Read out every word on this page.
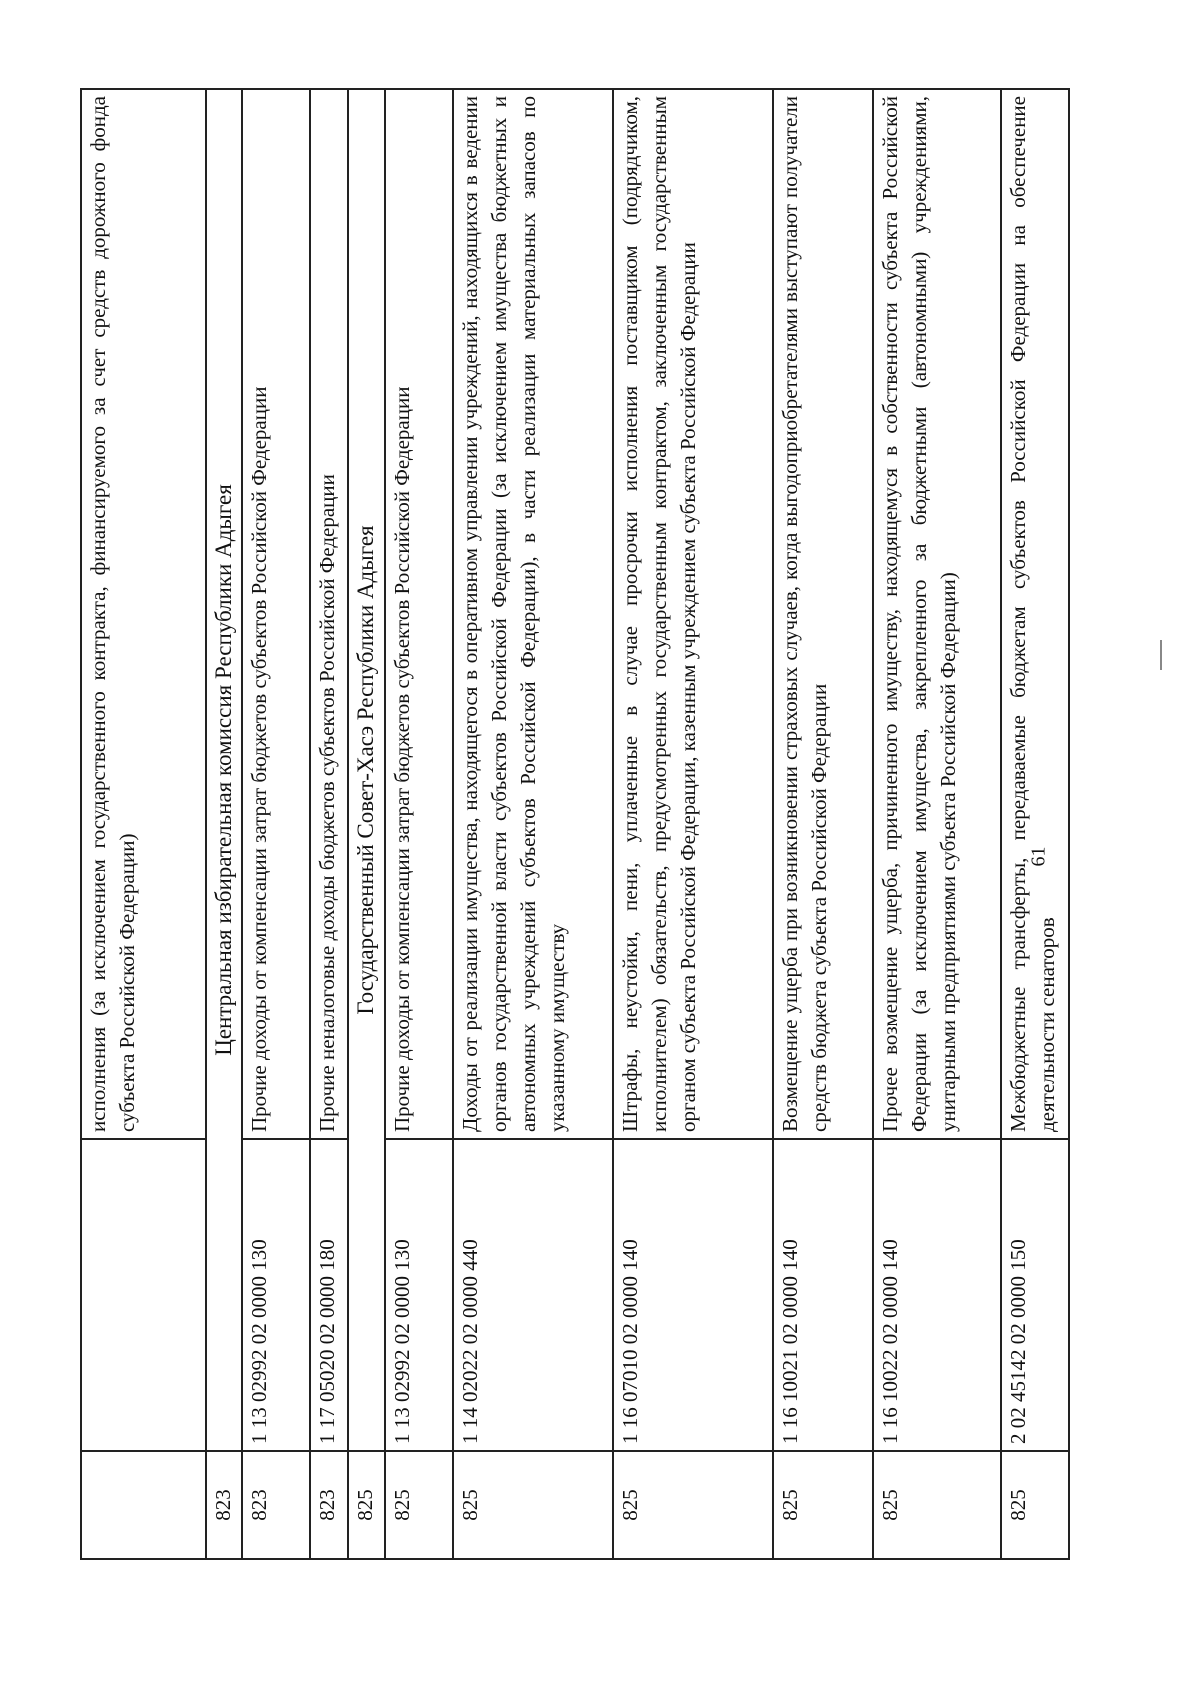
		исполнения (за исключением государственного контракта, финансируемого за счет средств дорожного фонда субъекта Российской Федерации)
823	Центральная избирательная комиссия Республики Адыгея	
823	1 13 02992 02 0000 130	Прочие доходы от компенсации затрат бюджетов субъектов Российской Федерации
823	1 17 05020 02 0000 180	Прочие неналоговые доходы бюджетов субъектов Российской Федерации
825	Государственный Совет-Хасэ Республики Адыгея	
825	1 13 02992 02 0000 130	Прочие доходы от компенсации затрат бюджетов субъектов Российской Федерации
825	1 14 02022 02 0000 440	Доходы от реализации имущества, находящегося в оперативном управлении учреждений, находящихся в ведении органов государственной власти субъектов Российской Федерации (за исключением имущества бюджетных и автономных учреждений субъектов Российской Федерации), в части реализации материальных запасов по указанному имуществу
825	1 16 07010 02 0000 140	Штрафы, неустойки, пени, уплаченные в случае просрочки исполнения поставщиком (подрядчиком, исполнителем) обязательств, предусмотренных государственным контрактом, заключенным государственным органом субъекта Российской Федерации, казенным учреждением субъекта Российской Федерации
825	1 16 10021 02 0000 140	Возмещение ущерба при возникновении страховых случаев, когда выгодоприобретателями выступают получатели средств бюджета субъекта Российской Федерации
825	1 16 10022 02 0000 140	Прочее возмещение ущерба, причиненного имуществу, находящемуся в собственности субъекта Российской Федерации (за исключением имущества, закрепленного за бюджетными (автономными) учреждениями, унитарными предприятиями субъекта Российской Федерации)
825	2 02 45142 02 0000 150	Межбюджетные трансферты, передаваемые бюджетам субъектов Российской Федерации на обеспечение деятельности сенаторов
61
